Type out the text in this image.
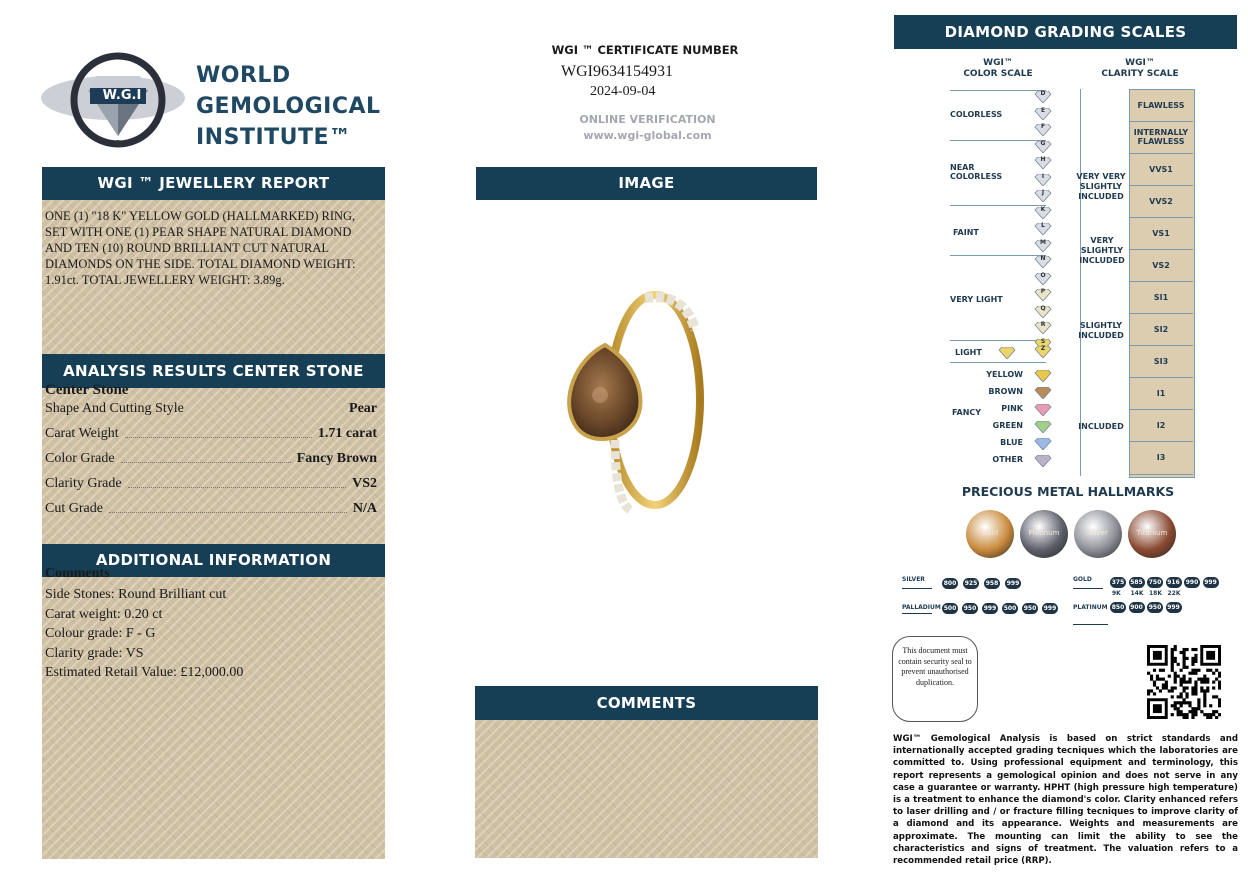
W.G.I
WORLD
GEMOLOGICAL
INSTITUTE™
WGI ™ JEWELLERY REPORT
ONE (1) "18 K" YELLOW GOLD (HALLMARKED) RING, SET WITH ONE (1) PEAR SHAPE NATURAL DIAMOND AND TEN (10) ROUND BRILLIANT CUT NATURAL DIAMONDS ON THE SIDE. TOTAL DIAMOND WEIGHT: 1.91ct. TOTAL JEWELLERY WEIGHT: 3.89g.
ANALYSIS RESULTS CENTER STONE
Center Stone
Shape And Cutting Style	Pear
Carat Weight	1.71 carat
Color Grade	Fancy Brown
Clarity Grade	VS2
Cut Grade	N/A
ADDITIONAL INFORMATION
Comments
Side Stones: Round Brilliant cut
Carat weight: 0.20 ct
Colour grade: F - G
Clarity grade: VS
Estimated Retail Value: £12,000.00
WGI ™ CERTIFICATE NUMBER
WGI9634154931
2024-09-04
ONLINE VERIFICATION
www.wgi-global.com
IMAGE
COMMENTS
DIAMOND GRADING SCALES
WGI™
COLOR SCALE
WGI™
CLARITY SCALE
COLORLESS
NEAR COLORLESS
FAINT
VERY LIGHT
LIGHT
FANCY
D
E
F
G
H
I
J
K
L
M
N
O
P
Q
R
S
Z
YELLOW
BROWN
PINK
GREEN
BLUE
OTHER
FLAWLESS
INTERNALLY FLAWLESS
VVS1
VVS2
VS1
VS2
SI1
SI2
SI3
I1
I2
I3
VERY VERY SLIGHTLY INCLUDED
VERY SLIGHTLY INCLUDED
SLIGHTLY INCLUDED
INCLUDED
PRECIOUS METAL HALLMARKS
Gold	Platinum	Silver	Titanium
SILVER	GOLD
PALLADIUM	PLATINUM
800 925 958 999	375 585 750 916 990 999
500 950 999 500 950 999	850 900 950 999
9K 14K 18K 22K
This document must contain security seal to prevent unauthorised duplication.
WGI™ Gemological Analysis is based on strict standards and internationally accepted grading tecniques which the laboratories are committed to. Using professional equipment and terminology, this report represents a gemological opinion and does not serve in any case a guarantee or warranty. HPHT (high pressure high temperature) is a treatment to enhance the diamond's color. Clarity enhanced refers to laser drilling and / or fracture filling tecniques to improve clarity of a diamond and its appearance. Weights and measurements are approximate. The mounting can limit the ability to see the characteristics and signs of treatment. The valuation refers to a recommended retail price (RRP).
